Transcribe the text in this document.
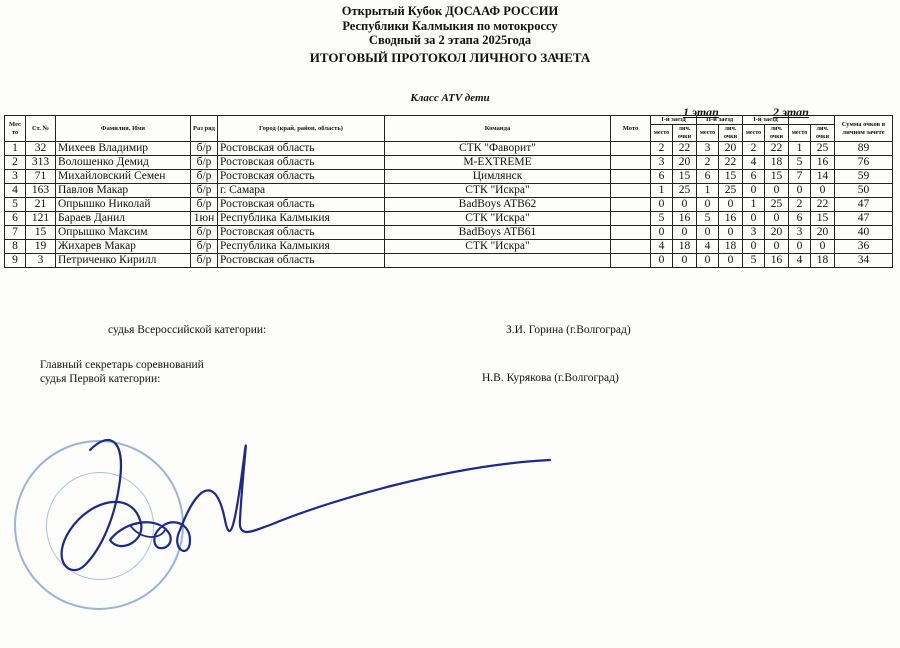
Открытый Кубок ДОСААФ РОССИИ
Республики Калмыкия по мотокроссу
Сводный за 2 этапа 2025года
ИТОГОВЫЙ ПРОТОКОЛ ЛИЧНОГО ЗАЧЕТА
Класс ATV дети
1 этап	2 этап
Мес то	Ст. №	Фамилия, Имя	Раз ряд	Город (край, район, область)	Команда	Мото	I-й заезд		II-й заезд		I-й заезд				Сумма очков в личном зачете
							место	лич. очки	место	лич. очки	место	лич. очки	место	лич. очки	
1	32	Михеев Владимир	б/р	Ростовская область	СТК "Фаворит"		2	22	3	20	2	22	1	25	89
2	313	Волошенко Демид	б/р	Ростовская область	M-EXTREME		3	20	2	22	4	18	5	16	76
3	71	Михайловский Семен	б/р	Ростовская область	Цимлянск		6	15	6	15	6	15	7	14	59
4	163	Павлов Макар	б/р	г. Самара	СТК "Искра"		1	25	1	25	0	0	0	0	50
5	21	Опрышко Николай	б/р	Ростовская область	BadBoys ATB62		0	0	0	0	1	25	2	22	47
6	121	Бараев Данил	1юн	Республика Калмыкия	СТК "Искра"		5	16	5	16	0	0	6	15	47
7	15	Опрышко Максим	б/р	Ростовская область	BadBoys ATB61		0	0	0	0	3	20	3	20	40
8	19	Жихарев Макар	б/р	Республика Калмыкия	СТК "Искра"		4	18	4	18	0	0	0	0	36
9	3	Петриченко Кирилл	б/р	Ростовская область			0	0	0	0	5	16	4	18	34
судья Всероссийской категории:	З.И. Горина (г.Волгоград)
Главный секретарь соревнований
судья Первой категории:	Н.В. Курякова (г.Волгоград)
